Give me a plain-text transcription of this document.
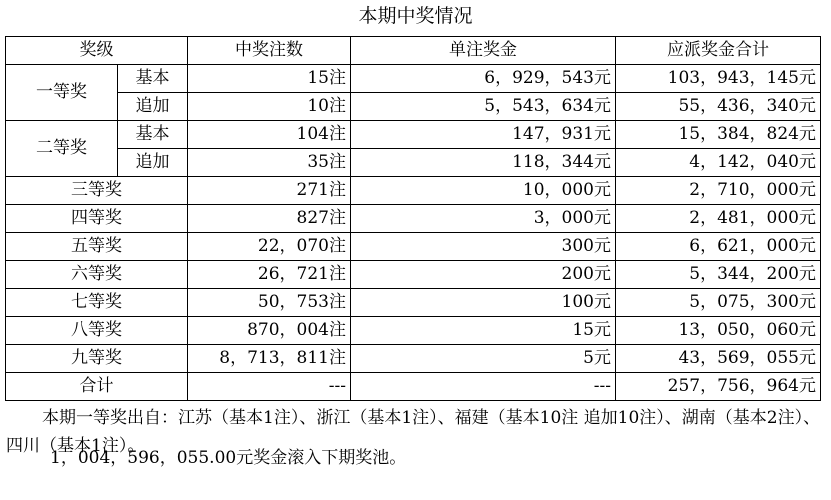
本期中奖情况
奖级		中奖注数	单注奖金	应派奖金合计
一等奖	基本	15注	6，929，543元	103，943，145元
	追加	10注	5，543，634元	55，436，340元
二等奖	基本	104注	147，931元	15，384，824元
	追加	35注	118，344元	4，142，040元
三等奖		271注	10，000元	2，710，000元
四等奖		827注	3，000元	2，481，000元
五等奖		22，070注	300元	6，621，000元
六等奖		26，721注	200元	5，344，200元
七等奖		50，753注	100元	5，075，300元
八等奖		870，004注	15元	13，050，060元
九等奖		8，713，811注	5元	43，569，055元
合计		---	---	257，756，964元
本期一等奖出自：江苏（基本1注）、浙江（基本1注）、福建（基本10注 追加10注）、湖南（基本2注）、四川（基本1注）。
1，004，596，055.00元奖金滚入下期奖池。
